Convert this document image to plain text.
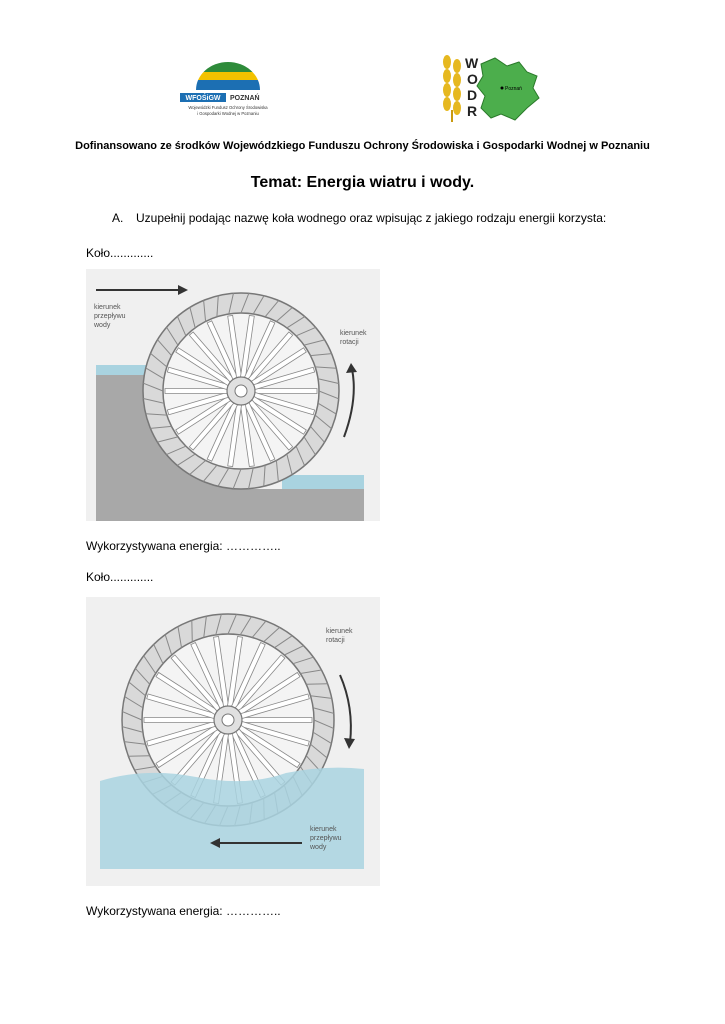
WFOŚiGW POZNAŃ
Wojewódzki Fundusz Ochrony Środowiska
i Gospodarki Wodnej w Poznaniu
Poznań
W
O
D
R
Dofinansowano ze środków Wojewódzkiego Funduszu Ochrony Środowiska i Gospodarki Wodnej w Poznaniu
Temat: Energia wiatru i wody.
A. Uzupełnij podając nazwę koła wodnego oraz wpisując z jakiego rodzaju energii korzysta:
Koło.............
kierunek
przepływu
wody
kierunek
rotacji
Wykorzystywana energia: …………..
Koło.............
kierunek
przepływu
wody
kierunek
rotacji
Wykorzystywana energia: …………..
